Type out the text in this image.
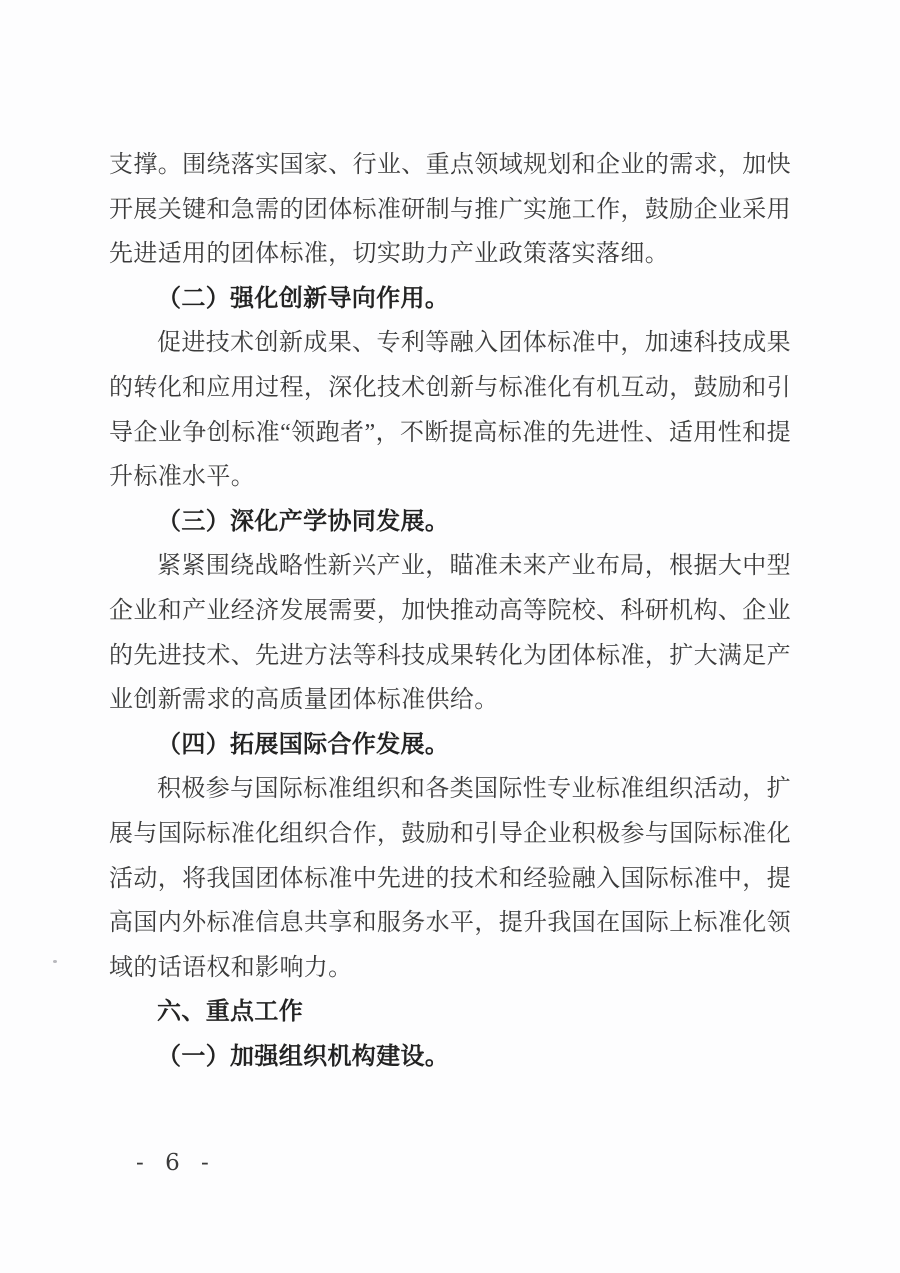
支撑。围绕落实国家、行业、重点领域规划和企业的需求，加快开展关键和急需的团体标准研制与推广实施工作，鼓励企业采用先进适用的团体标准，切实助力产业政策落实落细。

（二）强化创新导向作用。

促进技术创新成果、专利等融入团体标准中，加速科技成果的转化和应用过程，深化技术创新与标准化有机互动，鼓励和引导企业争创标准“领跑者”，不断提高标准的先进性、适用性和提升标准水平。

（三）深化产学协同发展。

紧紧围绕战略性新兴产业，瞄准未来产业布局，根据大中型企业和产业经济发展需要，加快推动高等院校、科研机构、企业的先进技术、先进方法等科技成果转化为团体标准，扩大满足产业创新需求的高质量团体标准供给。

（四）拓展国际合作发展。

积极参与国际标准组织和各类国际性专业标准组织活动，扩展与国际标准化组织合作，鼓励和引导企业积极参与国际标准化活动，将我国团体标准中先进的技术和经验融入国际标准中，提高国内外标准信息共享和服务水平，提升我国在国际上标准化领域的话语权和影响力。

六、重点工作

（一）加强组织机构建设。

- 6 -
